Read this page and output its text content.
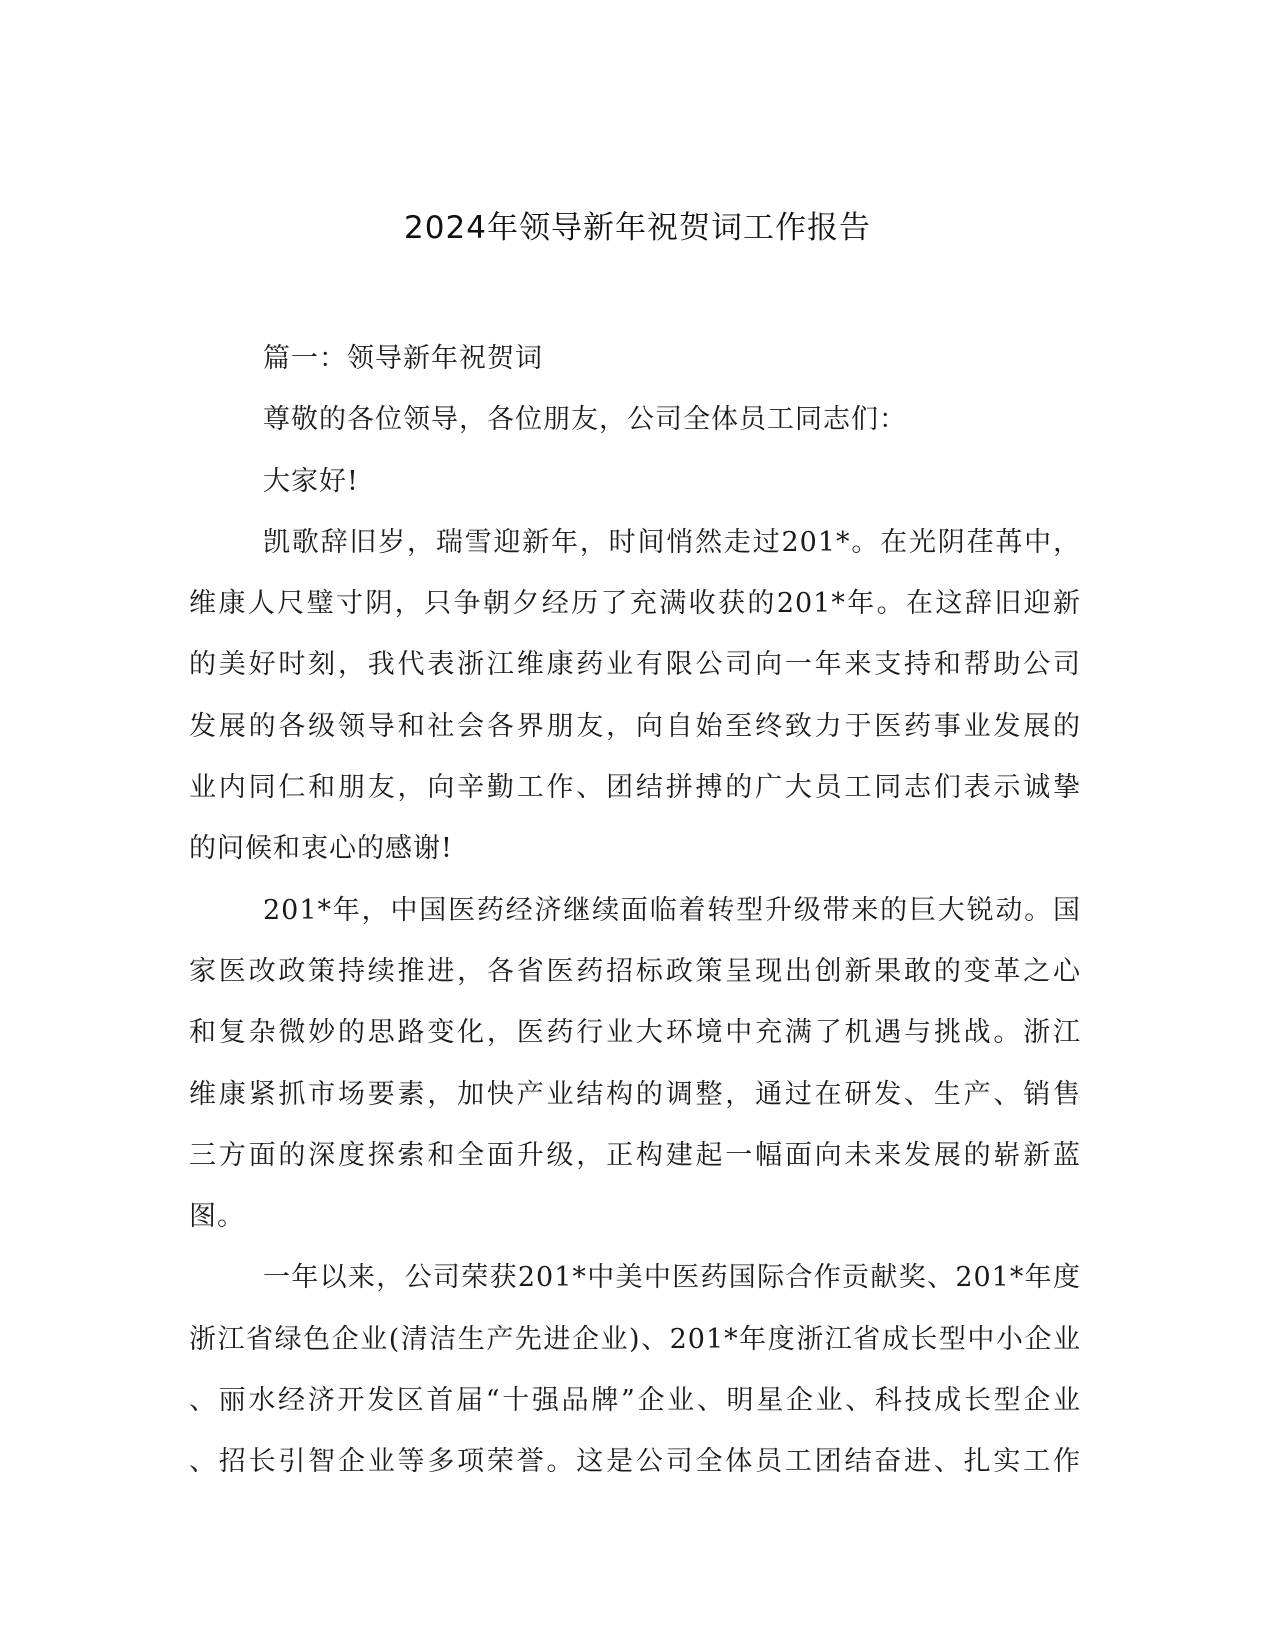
2024年领导新年祝贺词工作报告
篇一：领导新年祝贺词
尊敬的各位领导，各位朋友，公司全体员工同志们：
大家好!
凯歌辞旧岁，瑞雪迎新年，时间悄然走过201*。在光阴荏苒中，
维康人尺璧寸阴，只争朝夕经历了充满收获的201*年。在这辞旧迎新
的美好时刻，我代表浙江维康药业有限公司向一年来支持和帮助公司
发展的各级领导和社会各界朋友，向自始至终致力于医药事业发展的
业内同仁和朋友，向辛勤工作、团结拼搏的广大员工同志们表示诚挚
的问候和衷心的感谢!
201*年，中国医药经济继续面临着转型升级带来的巨大锐动。国
家医改政策持续推进，各省医药招标政策呈现出创新果敢的变革之心
和复杂微妙的思路变化，医药行业大环境中充满了机遇与挑战。浙江
维康紧抓市场要素，加快产业结构的调整，通过在研发、生产、销售
三方面的深度探索和全面升级，正构建起一幅面向未来发展的崭新蓝
图。
一年以来，公司荣获201*中美中医药国际合作贡献奖、201*年度
浙江省绿色企业(清洁生产先进企业)、201*年度浙江省成长型中小企业
、丽水经济开发区首届“十强品牌”企业、明星企业、科技成长型企业
、招长引智企业等多项荣誉。这是公司全体员工团结奋进、扎实工作
